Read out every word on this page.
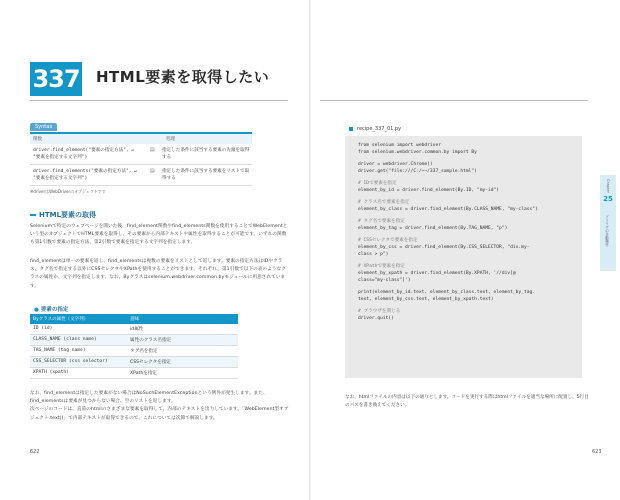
337 HTML要素を取得したい
Syntax
関数	処理
driver.find_element("要素の指定方法", ↵
"要素を指定する文字列")
▤	指定した条件に該当する要素の先頭を取得する
driver.find_elements("要素の指定方法", ↵
"要素を指定する文字列")
▤	指定した条件に該当する要素をリストで取得する
※driverはWebDriverのオブジェクトです
HTML要素の取得
Seleniumで特定のウェブページを開いた後、find_element関数やfind_elements関数を使用することでWebElementという型のオブジェクトでHTML要素を取得し、その要素から内部テキストや属性を取得することが可能です。いずれの関数も第1引数で要素の指定方法、第2引数で要素を指定する文字列を指定します。
find_elementは単一の要素を返し、find_elementsは複数の要素をリストとして返します。要素の指定方法はIDやクラス、タグ名で指定する以外にCSSセレクタやXPathを使用することができます。それぞれ、第1引数で以下の表のようなクラスの属性か、文字列を指定します。なお、Byクラスはselenium.webdriver.common.byモジュールに用意されています。
● 要素の指定
Byクラスの属性（文字列）	意味
ID (id)	id属性
CLASS_NAME (class name)	属性のクラス名指定
TAG_NAME (tag name)	タグ名を指定
CSS_SELECTOR (css selector)	CSSセレクタを指定
XPATH (xpath)	XPathを指定
なお、find_elementは指定した要素がない場合はNoSuchElementExceptionという例外が発生します。また、find_elementsは要素が見つからない場合、空のリストを返します。
次ページのコードは、直前のhtmlのさまざまな要素を取得して、内部のテキストを出力しています。「WebElement型オブジェクト.text()」で内部テキストが取得できるので、これについては次節で解説します。
622
recipe_337_01.py
from selenium import webdriver
from selenium.webdriver.common.by import By
driver = webdriver.Chrome()
driver.get("file:///C:/~~/337_sample.html")
# IDで要素を指定
element_by_id = driver.find_element(By.ID, "my-id")
# クラス名で要素を指定
element_by_class = driver.find_element(By.CLASS_NAME, "my-class")
# タグ名で要素を指定
element_by_tag = driver.find_element(By.TAG_NAME, "p")
# CSSセレクタで要素を指定
element_by_css = driver.find_element(By.CSS_SELECTOR, "div.my-
class > p")
# XPathで要素を指定
element_by_xpath = driver.find_element(By.XPATH, '//div[@
class="my-class"]')
print(element_by_id.text, element_by_class.text, element_by_tag.
text, element_by_css.text, element_by_xpath.text)
# ブラウザを閉じる
driver.quit()
Chapter
25
ブラウザの自動操作
なお、htmlファイルの内容は以下の通りとします。コードを実行する際はhtmlファイルを適当な場所に配置し、5行目のパスを書き換えてください。
623
